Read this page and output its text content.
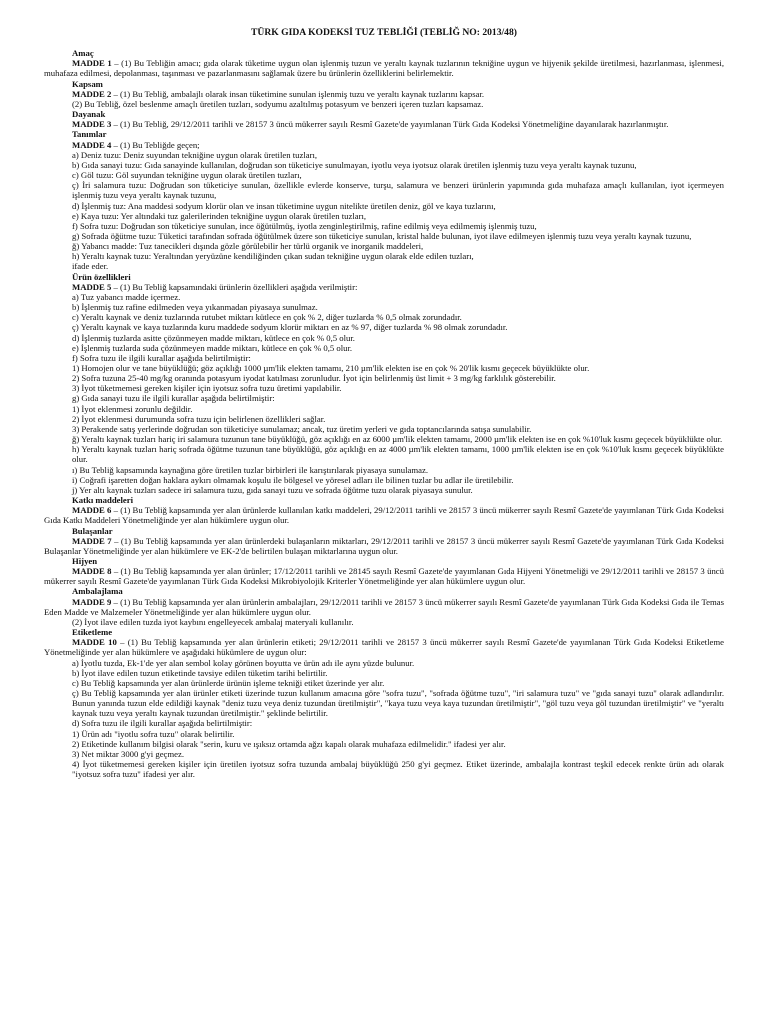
TÜRK GIDA KODEKSİ TUZ TEBLİĞİ (TEBLİĞ NO: 2013/48)
Amaç
MADDE 1 – (1) Bu Tebliğin amacı; gıda olarak tüketime uygun olan işlenmiş tuzun ve yeraltı kaynak tuzlarının tekniğine uygun ve hijyenik şekilde üretilmesi, hazırlanması, işlenmesi, muhafaza edilmesi, depolanması, taşınması ve pazarlanmasını sağlamak üzere bu ürünlerin özelliklerini belirlemektir.
Kapsam
MADDE 2 – (1) Bu Tebliğ, ambalajlı olarak insan tüketimine sunulan işlenmiş tuzu ve yeraltı kaynak tuzlarını kapsar.
(2) Bu Tebliğ, özel beslenme amaçlı üretilen tuzları, sodyumu azaltılmış potasyum ve benzeri içeren tuzları kapsamaz.
Dayanak
MADDE 3 – (1) Bu Tebliğ, 29/12/2011 tarihli ve 28157 3 üncü mükerrer sayılı Resmî Gazete'de yayımlanan Türk Gıda Kodeksi Yönetmeliğine dayanılarak hazırlanmıştır.
Tanımlar
MADDE 4 – (1) Bu Tebliğde geçen;
a) Deniz tuzu: Deniz suyundan tekniğine uygun olarak üretilen tuzları,
b) Gıda sanayi tuzu: Gıda sanayinde kullanılan, doğrudan son tüketiciye sunulmayan, iyotlu veya iyotsuz olarak üretilen işlenmiş tuzu veya yeraltı kaynak tuzunu,
c) Göl tuzu: Göl suyundan tekniğine uygun olarak üretilen tuzları,
ç) İri salamura tuzu: Doğrudan son tüketiciye sunulan, özellikle evlerde konserve, turşu, salamura ve benzeri ürünlerin yapımında gıda muhafaza amaçlı kullanılan, iyot içermeyen işlenmiş tuzu veya yeraltı kaynak tuzunu,
d) İşlenmiş tuz: Ana maddesi sodyum klorür olan ve insan tüketimine uygun nitelikte üretilen deniz, göl ve kaya tuzlarını,
e) Kaya tuzu: Yer altındaki tuz galerilerinden tekniğine uygun olarak üretilen tuzları,
f) Sofra tuzu: Doğrudan son tüketiciye sunulan, ince öğütülmüş, iyotla zenginleştirilmiş, rafine edilmiş veya edilmemiş işlenmiş tuzu,
g) Sofrada öğütme tuzu: Tüketici tarafından sofrada öğütülmek üzere son tüketiciye sunulan, kristal halde bulunan, iyot ilave edilmeyen işlenmiş tuzu veya yeraltı kaynak tuzunu,
ğ) Yabancı madde: Tuz tanecikleri dışında gözle görülebilir her türlü organik ve inorganik maddeleri,
h) Yeraltı kaynak tuzu: Yeraltından yeryüzüne kendiliğinden çıkan sudan tekniğine uygun olarak elde edilen tuzları,
ifade eder.
Ürün özellikleri
MADDE 5 – (1) Bu Tebliğ kapsamındaki ürünlerin özellikleri aşağıda verilmiştir:
a) Tuz yabancı madde içermez.
b) İşlenmiş tuz rafine edilmeden veya yıkanmadan piyasaya sunulmaz.
c) Yeraltı kaynak ve deniz tuzlarında rutubet miktarı kütlece en çok % 2, diğer tuzlarda % 0,5 olmak zorundadır.
ç) Yeraltı kaynak ve kaya tuzlarında kuru maddede sodyum klorür miktarı en az % 97, diğer tuzlarda % 98 olmak zorundadır.
d) İşlenmiş tuzlarda asitte çözünmeyen madde miktarı, kütlece en çok % 0,5 olur.
e) İşlenmiş tuzlarda suda çözünmeyen madde miktarı, kütlece en çok % 0,5 olur.
f) Sofra tuzu ile ilgili kurallar aşağıda belirtilmiştir:
1) Homojen olur ve tane büyüklüğü; göz açıklığı 1000 µm'lik elekten tamamı, 210 µm'lik elekten ise en çok % 20'lik kısmı geçecek büyüklükte olur.
2) Sofra tuzuna 25-40 mg/kg oranında potasyum iyodat katılması zorunludur. İyot için belirlenmiş üst limit + 3 mg/kg farklılık gösterebilir.
3) İyot tüketmemesi gereken kişiler için iyotsuz sofra tuzu üretimi yapılabilir.
g) Gıda sanayi tuzu ile ilgili kurallar aşağıda belirtilmiştir:
1) İyot eklenmesi zorunlu değildir.
2) İyot eklenmesi durumunda sofra tuzu için belirlenen özellikleri sağlar.
3) Perakende satış yerlerinde doğrudan son tüketiciye sunulamaz; ancak, tuz üretim yerleri ve gıda toptancılarında satışa sunulabilir.
ğ) Yeraltı kaynak tuzları hariç iri salamura tuzunun tane büyüklüğü, göz açıklığı en az 6000 µm'lik elekten tamamı, 2000 µm'lik elekten ise en çok %10'luk kısmı geçecek büyüklükte olur.
h) Yeraltı kaynak tuzları hariç sofrada öğütme tuzunun tane büyüklüğü, göz açıklığı en az 4000 µm'lik elekten tamamı, 1000 µm'lik elekten ise en çok %10'luk kısmı geçecek büyüklükte olur.
ı) Bu Tebliğ kapsamında kaynağına göre üretilen tuzlar birbirleri ile karıştırılarak piyasaya sunulamaz.
i) Coğrafi işaretten doğan haklara aykırı olmamak koşulu ile bölgesel ve yöresel adları ile bilinen tuzlar bu adlar ile üretilebilir.
j) Yer altı kaynak tuzları sadece iri salamura tuzu, gıda sanayi tuzu ve sofrada öğütme tuzu olarak piyasaya sunulur.
Katkı maddeleri
MADDE 6 – (1) Bu Tebliğ kapsamında yer alan ürünlerde kullanılan katkı maddeleri, 29/12/2011 tarihli ve 28157 3 üncü mükerrer sayılı Resmî Gazete'de yayımlanan Türk Gıda Kodeksi Gıda Katkı Maddeleri Yönetmeliğinde yer alan hükümlere uygun olur.
Bulaşanlar
MADDE 7 – (1) Bu Tebliğ kapsamında yer alan ürünlerdeki bulaşanların miktarları, 29/12/2011 tarihli ve 28157 3 üncü mükerrer sayılı Resmî Gazete'de yayımlanan Türk Gıda Kodeksi Bulaşanlar Yönetmeliğinde yer alan hükümlere ve EK-2'de belirtilen bulaşan miktarlarına uygun olur.
Hijyen
MADDE 8 – (1) Bu Tebliğ kapsamında yer alan ürünler; 17/12/2011 tarihli ve 28145 sayılı Resmî Gazete'de yayımlanan Gıda Hijyeni Yönetmeliği ve 29/12/2011 tarihli ve 28157 3 üncü mükerrer sayılı Resmî Gazete'de yayımlanan Türk Gıda Kodeksi Mikrobiyolojik Kriterler Yönetmeliğinde yer alan hükümlere uygun olur.
Ambalajlama
MADDE 9 – (1) Bu Tebliğ kapsamında yer alan ürünlerin ambalajları, 29/12/2011 tarihli ve 28157 3 üncü mükerrer sayılı Resmî Gazete'de yayımlanan Türk Gıda Kodeksi Gıda ile Temas Eden Madde ve Malzemeler Yönetmeliğinde yer alan hükümlere uygun olur.
(2) İyot ilave edilen tuzda iyot kaybını engelleyecek ambalaj materyali kullanılır.
Etiketleme
MADDE 10 – (1) Bu Tebliğ kapsamında yer alan ürünlerin etiketi; 29/12/2011 tarihli ve 28157 3 üncü mükerrer sayılı Resmî Gazete'de yayımlanan Türk Gıda Kodeksi Etiketleme Yönetmeliğinde yer alan hükümlere ve aşağıdaki hükümlere de uygun olur:
a) İyotlu tuzda, Ek-1'de yer alan sembol kolay görünen boyutta ve ürün adı ile aynı yüzde bulunur.
b) İyot ilave edilen tuzun etiketinde tavsiye edilen tüketim tarihi belirtilir.
c) Bu Tebliğ kapsamında yer alan ürünlerde ürünün işleme tekniği etiket üzerinde yer alır.
ç) Bu Tebliğ kapsamında yer alan ürünler etiketi üzerinde tuzun kullanım amacına göre "sofra tuzu", "sofrada öğütme tuzu", "iri salamura tuzu" ve "gıda sanayi tuzu" olarak adlandırılır. Bunun yanında tuzun elde edildiği kaynak "deniz tuzu veya deniz tuzundan üretilmiştir", "kaya tuzu veya kaya tuzundan üretilmiştir", "göl tuzu veya göl tuzundan üretilmiştir" ve "yeraltı kaynak tuzu veya yeraltı kaynak tuzundan üretilmiştir." şeklinde belirtilir.
d) Sofra tuzu ile ilgili kurallar aşağıda belirtilmiştir:
1) Ürün adı "iyotlu sofra tuzu" olarak belirtilir.
2) Etiketinde kullanım bilgisi olarak "serin, kuru ve ışıksız ortamda ağzı kapalı olarak muhafaza edilmelidir." ifadesi yer alır.
3) Net miktar 3000 g'yi geçmez.
4) İyot tüketmemesi gereken kişiler için üretilen iyotsuz sofra tuzunda ambalaj büyüklüğü 250 g'yi geçmez. Etiket üzerinde, ambalajla kontrast teşkil edecek renkte ürün adı olarak "iyotsuz sofra tuzu" ifadesi yer alır.
